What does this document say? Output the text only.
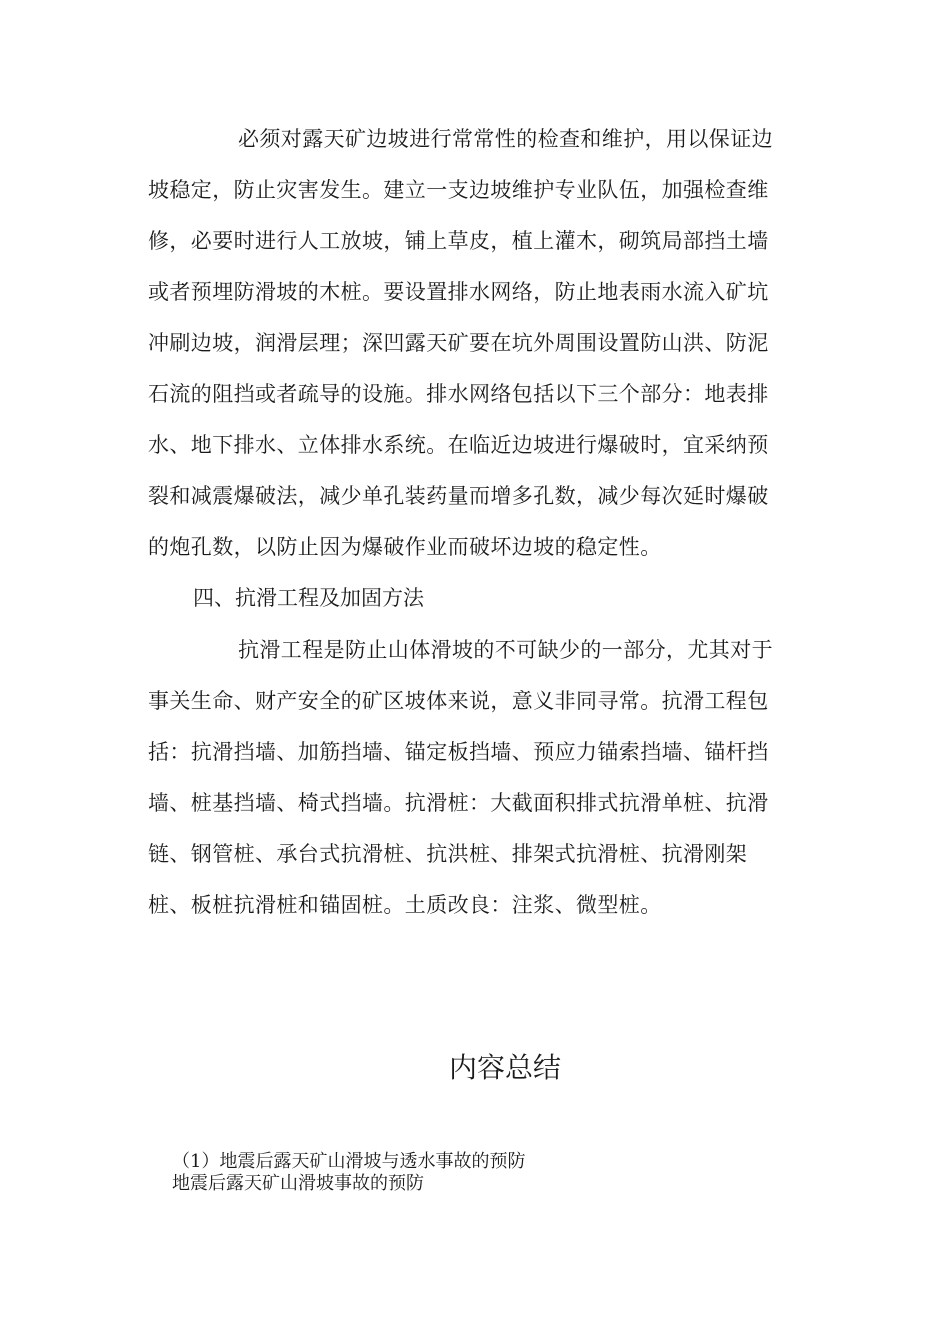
必须对露天矿边坡进行常常性的检查和维护，用以保证边
坡稳定，防止灾害发生。建立一支边坡维护专业队伍，加强检查维
修，必要时进行人工放坡，铺上草皮，植上灌木，砌筑局部挡土墙
或者预埋防滑坡的木桩。要设置排水网络，防止地表雨水流入矿坑
冲刷边坡，润滑层理；深凹露天矿要在坑外周围设置防山洪、防泥
石流的阻挡或者疏导的设施。排水网络包括以下三个部分：地表排
水、地下排水、立体排水系统。在临近边坡进行爆破时，宜采纳预
裂和减震爆破法，减少单孔装药量而增多孔数，减少每次延时爆破
的炮孔数，以防止因为爆破作业而破坏边坡的稳定性。
四、抗滑工程及加固方法
抗滑工程是防止山体滑坡的不可缺少的一部分，尤其对于
事关生命、财产安全的矿区坡体来说，意义非同寻常。抗滑工程包
括：抗滑挡墙、加筋挡墙、锚定板挡墙、预应力锚索挡墙、锚杆挡
墙、桩基挡墙、椅式挡墙。抗滑桩：大截面积排式抗滑单桩、抗滑
链、钢管桩、承台式抗滑桩、抗洪桩、排架式抗滑桩、抗滑刚架
桩、板桩抗滑桩和锚固桩。土质改良：注浆、微型桩。
内容总结
（1）地震后露天矿山滑坡与透水事故的预防
地震后露天矿山滑坡事故的预防
